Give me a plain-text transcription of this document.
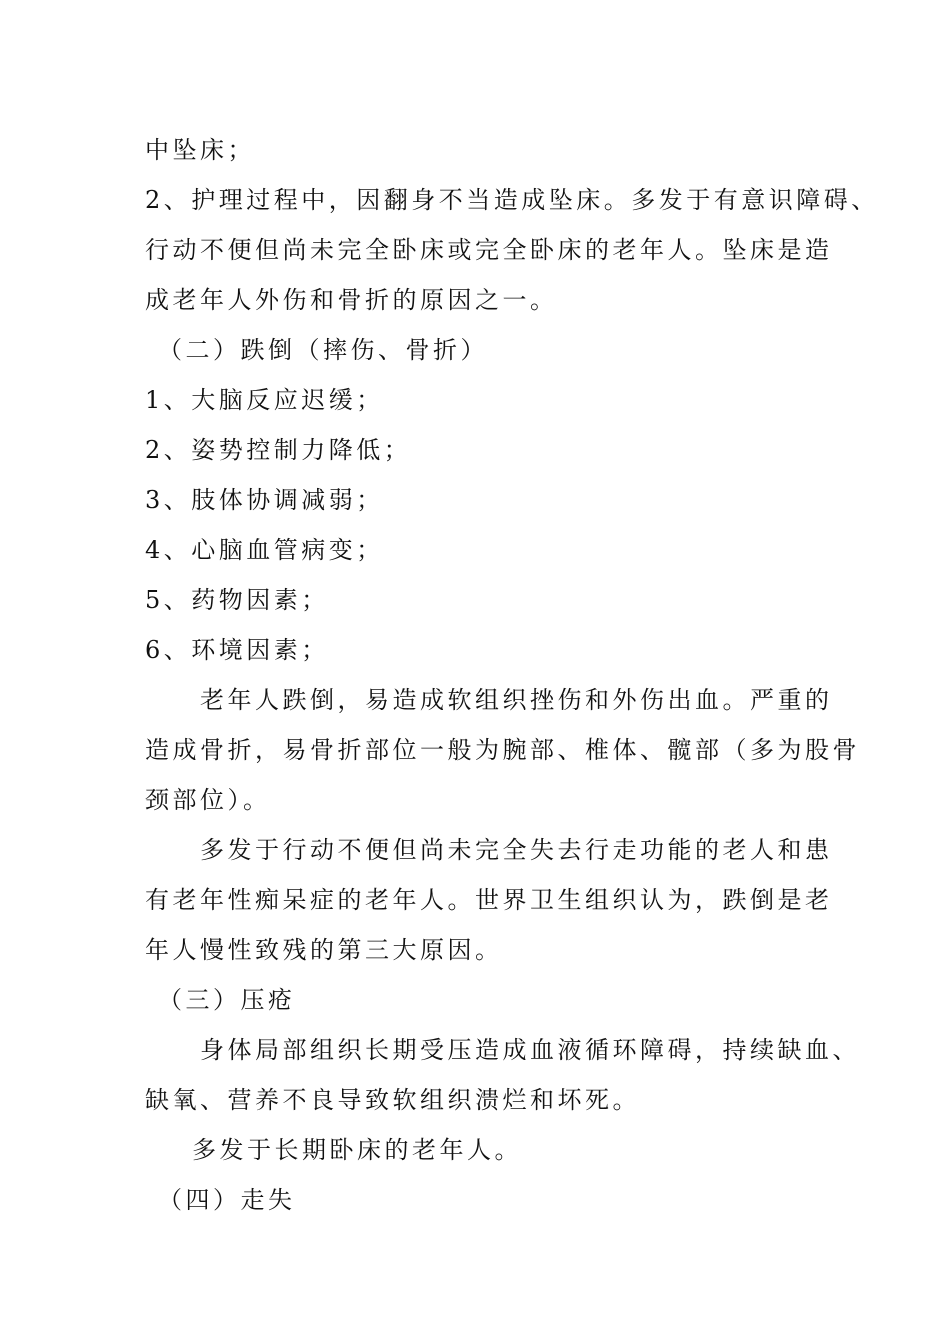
中坠床；
2、护理过程中，因翻身不当造成坠床。多发于有意识障碍、
行动不便但尚未完全卧床或完全卧床的老年人。坠床是造
成老年人外伤和骨折的原因之一。
（二）跌倒（摔伤、骨折）
1、大脑反应迟缓；
2、姿势控制力降低；
3、肢体协调减弱；
4、心脑血管病变；
5、药物因素；
6、环境因素；
老年人跌倒，易造成软组织挫伤和外伤出血。严重的
造成骨折，易骨折部位一般为腕部、椎体、髋部（多为股骨
颈部位）。
多发于行动不便但尚未完全失去行走功能的老人和患
有老年性痴呆症的老年人。世界卫生组织认为，跌倒是老
年人慢性致残的第三大原因。
（三）压疮
身体局部组织长期受压造成血液循环障碍，持续缺血、
缺氧、营养不良导致软组织溃烂和坏死。
多发于长期卧床的老年人。
（四）走失
